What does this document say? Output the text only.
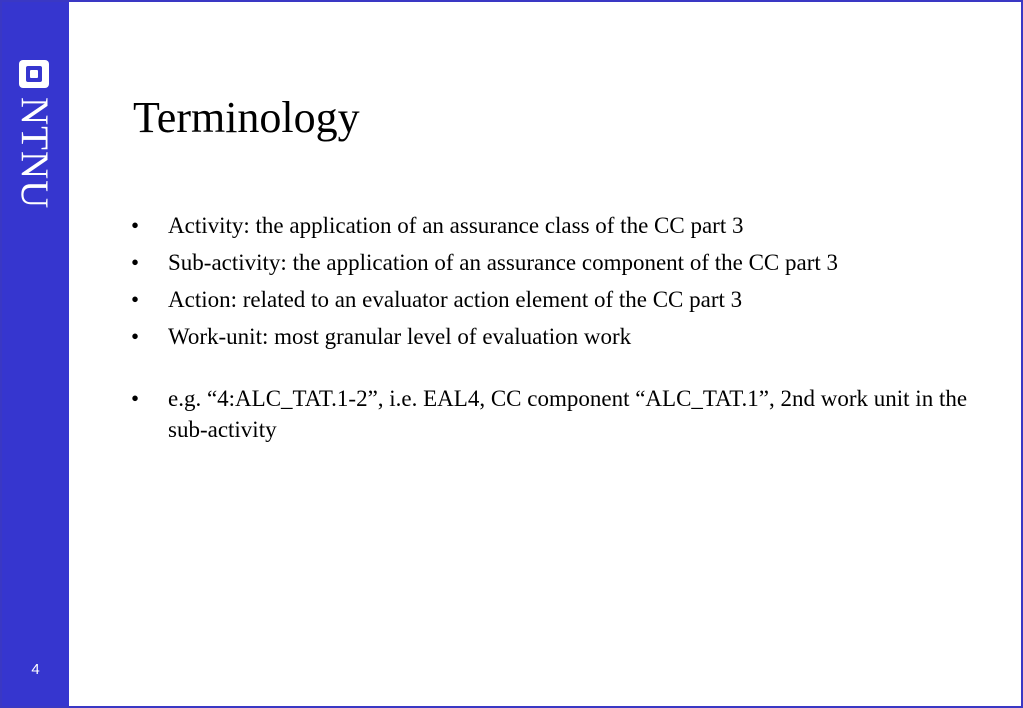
NTNU
4
Terminology
• Activity: the application of an assurance class of the CC part 3
• Sub-activity: the application of an assurance component of the CC part 3
• Action: related to an evaluator action element of the CC part 3
• Work-unit: most granular level of evaluation work
• e.g. “4:ALC_TAT.1-2”, i.e. EAL4, CC component “ALC_TAT.1”, 2nd work unit in the sub-activity
